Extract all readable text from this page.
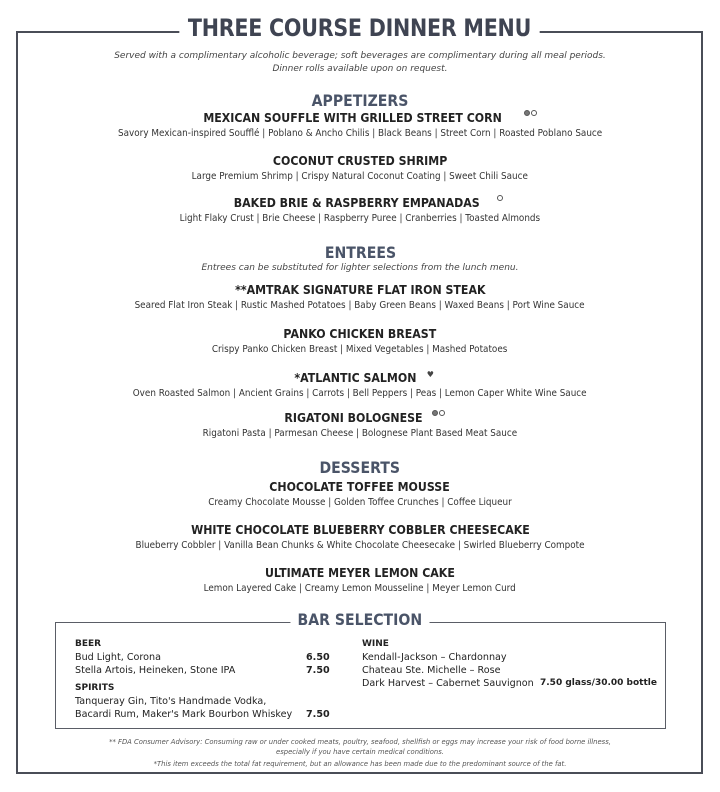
THREE COURSE DINNER MENU
Served with a complimentary alcoholic beverage; soft beverages are complimentary during all meal periods.
Dinner rolls available upon on request.
APPETIZERS
MEXICAN SOUFFLE WITH GRILLED STREET CORN
Savory Mexican-inspired Soufflé | Poblano & Ancho Chilis | Black Beans | Street Corn | Roasted Poblano Sauce
COCONUT CRUSTED SHRIMP
Large Premium Shrimp | Crispy Natural Coconut Coating | Sweet Chili Sauce
BAKED BRIE & RASPBERRY EMPANADAS
Light Flaky Crust | Brie Cheese | Raspberry Puree | Cranberries | Toasted Almonds
ENTREES
Entrees can be substituted for lighter selections from the lunch menu.
**AMTRAK SIGNATURE FLAT IRON STEAK
Seared Flat Iron Steak | Rustic Mashed Potatoes | Baby Green Beans | Waxed Beans | Port Wine Sauce
PANKO CHICKEN BREAST
Crispy Panko Chicken Breast | Mixed Vegetables | Mashed Potatoes
*ATLANTIC SALMON ♥
Oven Roasted Salmon | Ancient Grains | Carrots | Bell Peppers | Peas | Lemon Caper White Wine Sauce
RIGATONI BOLOGNESE
Rigatoni Pasta | Parmesan Cheese | Bolognese Plant Based Meat Sauce
DESSERTS
CHOCOLATE TOFFEE MOUSSE
Creamy Chocolate Mousse | Golden Toffee Crunches | Coffee Liqueur
WHITE CHOCOLATE BLUEBERRY COBBLER CHEESECAKE
Blueberry Cobbler | Vanilla Bean Chunks & White Chocolate Cheesecake | Swirled Blueberry Compote
ULTIMATE MEYER LEMON CAKE
Lemon Layered Cake | Creamy Lemon Mousseline | Meyer Lemon Curd
BAR SELECTION
BEER
Bud Light, Corona	6.50
Stella Artois, Heineken, Stone IPA	7.50
SPIRITS
Tanqueray Gin, Tito's Handmade Vodka,
Bacardi Rum, Maker's Mark Bourbon Whiskey 7.50
WINE
Kendall-Jackson – Chardonnay
Chateau Ste. Michelle – Rose
Dark Harvest – Cabernet Sauvignon 7.50 glass/30.00 bottle
** FDA Consumer Advisory: Consuming raw or under cooked meats, poultry, seafood, shellfish or eggs may increase your risk of food borne illness,
especially if you have certain medical conditions.
*This item exceeds the total fat requirement, but an allowance has been made due to the predominant source of the fat.
